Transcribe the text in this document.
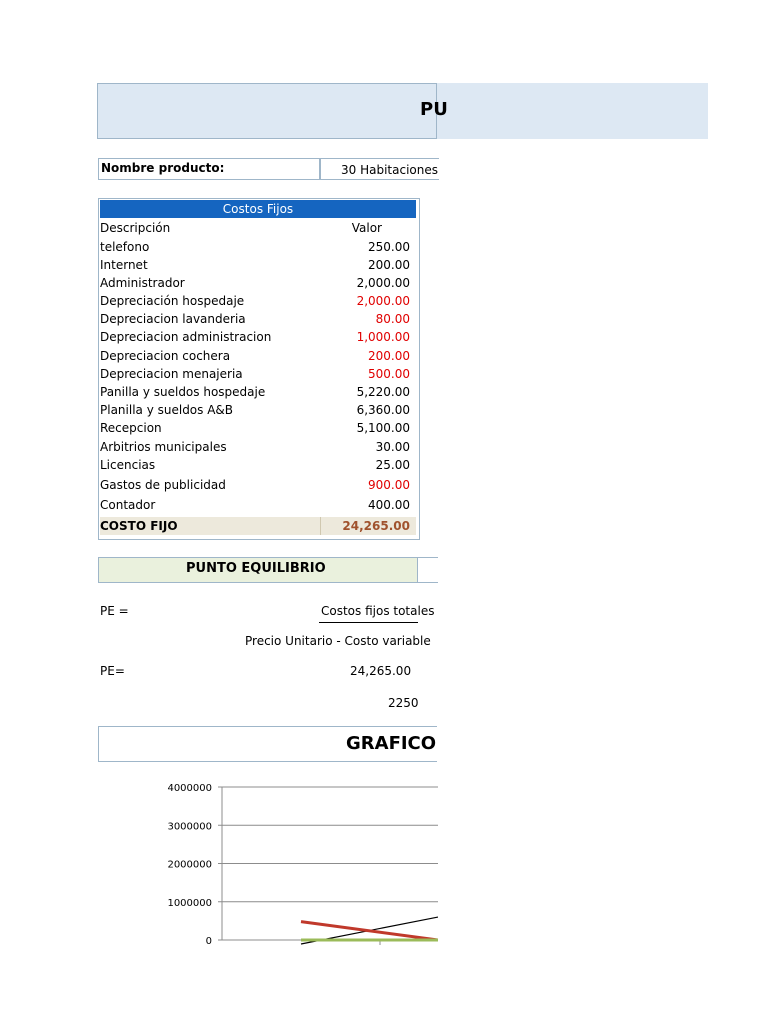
PU
Nombre producto:	30 Habitaciones
Costos Fijos
Descripción	Valor
telefono	250.00
Internet	200.00
Administrador	2,000.00
Depreciación hospedaje	2,000.00
Depreciacion lavanderia	80.00
Depreciacion administracion	1,000.00
Depreciacion cochera	200.00
Depreciacion menajeria	500.00
Panilla y sueldos hospedaje	5,220.00
Planilla y sueldos A&B	6,360.00
Recepcion	5,100.00
Arbitrios municipales	30.00
Licencias	25.00
Gastos de publicidad	900.00
Contador	400.00
COSTO FIJO	24,265.00
PUNTO EQUILIBRIO
PE =	Costos fijos totales
Precio Unitario - Costo variable
PE=	24,265.00
2250
GRAFICO
4000000
3000000
2000000
1000000
0
